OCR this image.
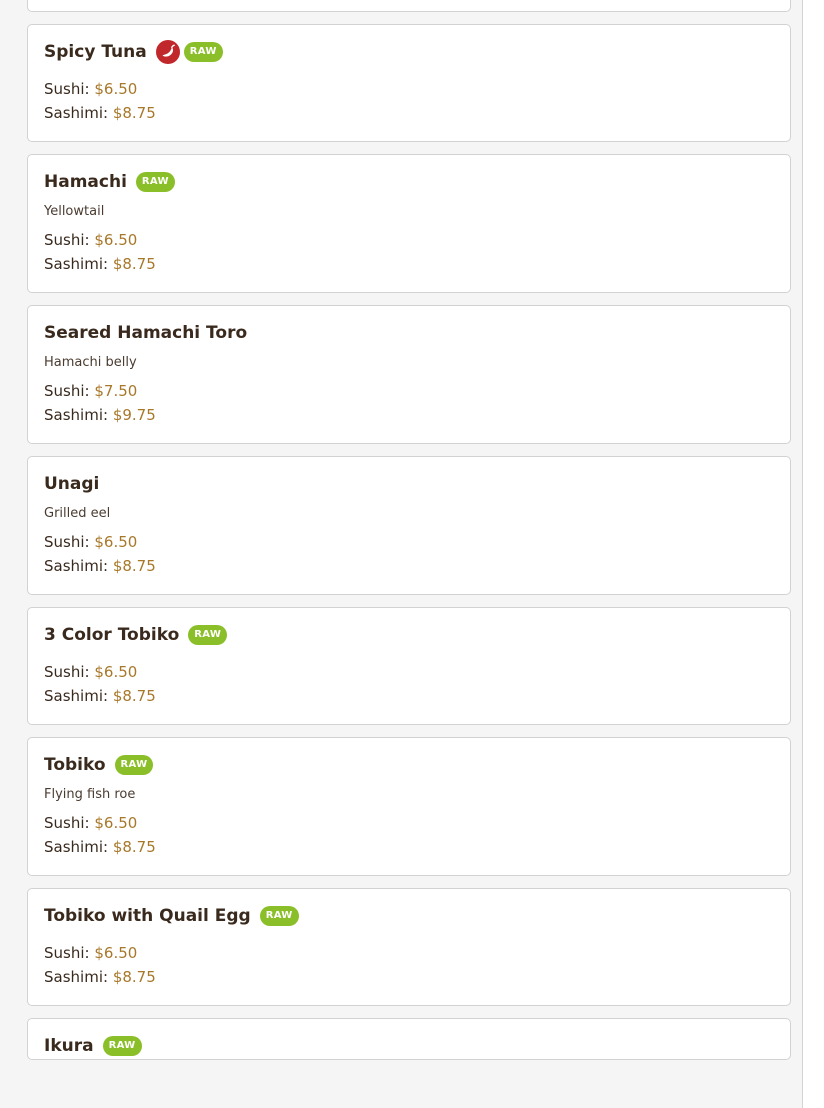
Spicy Tuna	RAW
Sushi: $6.50
Sashimi: $8.75
Hamachi	RAW
Yellowtail
Sushi: $6.50
Sashimi: $8.75
Seared Hamachi Toro
Hamachi belly
Sushi: $7.50
Sashimi: $9.75
Unagi
Grilled eel
Sushi: $6.50
Sashimi: $8.75
3 Color Tobiko	RAW
Sushi: $6.50
Sashimi: $8.75
Tobiko	RAW
Flying fish roe
Sushi: $6.50
Sashimi: $8.75
Tobiko with Quail Egg	RAW
Sushi: $6.50
Sashimi: $8.75
Ikura	RAW
